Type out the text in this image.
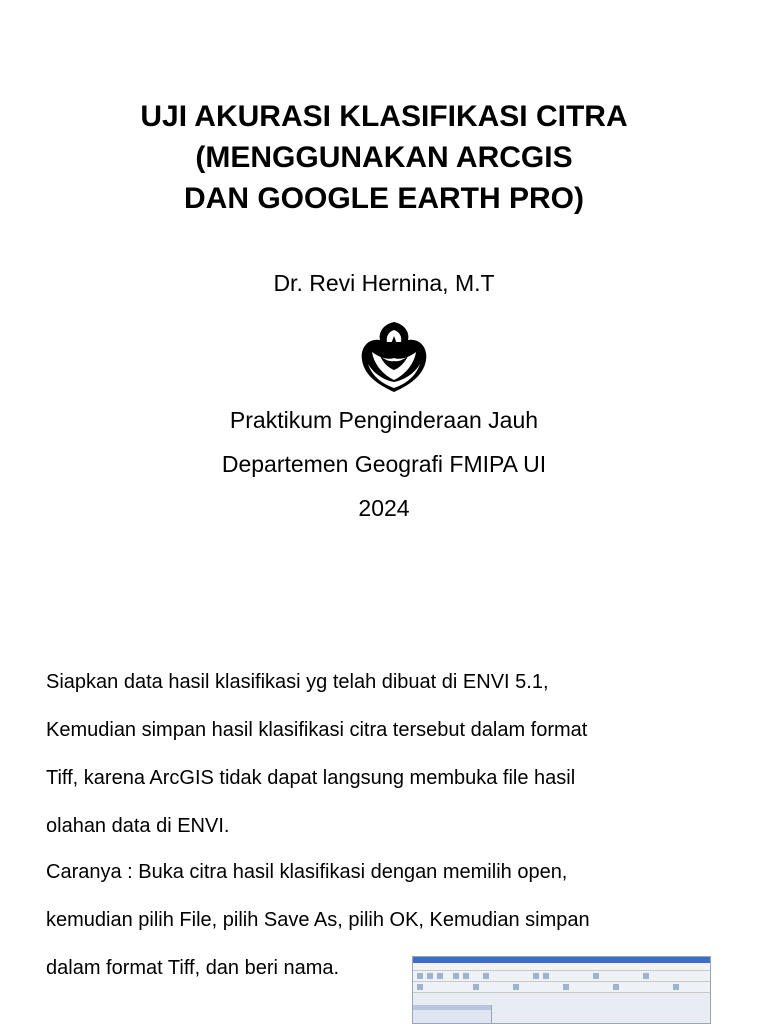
UJI AKURASI KLASIFIKASI CITRA
(MENGGUNAKAN ARCGIS
DAN GOOGLE EARTH PRO)
Dr. Revi Hernina, M.T
Praktikum Penginderaan Jauh
Departemen Geografi FMIPA UI
2024
Siapkan data hasil klasifikasi yg telah dibuat di ENVI 5.1,
Kemudian simpan hasil klasifikasi citra tersebut dalam format
Tiff, karena ArcGIS tidak dapat langsung membuka file hasil
olahan data di ENVI.
Caranya : Buka citra hasil klasifikasi dengan memilih open,
kemudian pilih File, pilih Save As, pilih OK, Kemudian simpan
dalam format Tiff, dan beri nama.
